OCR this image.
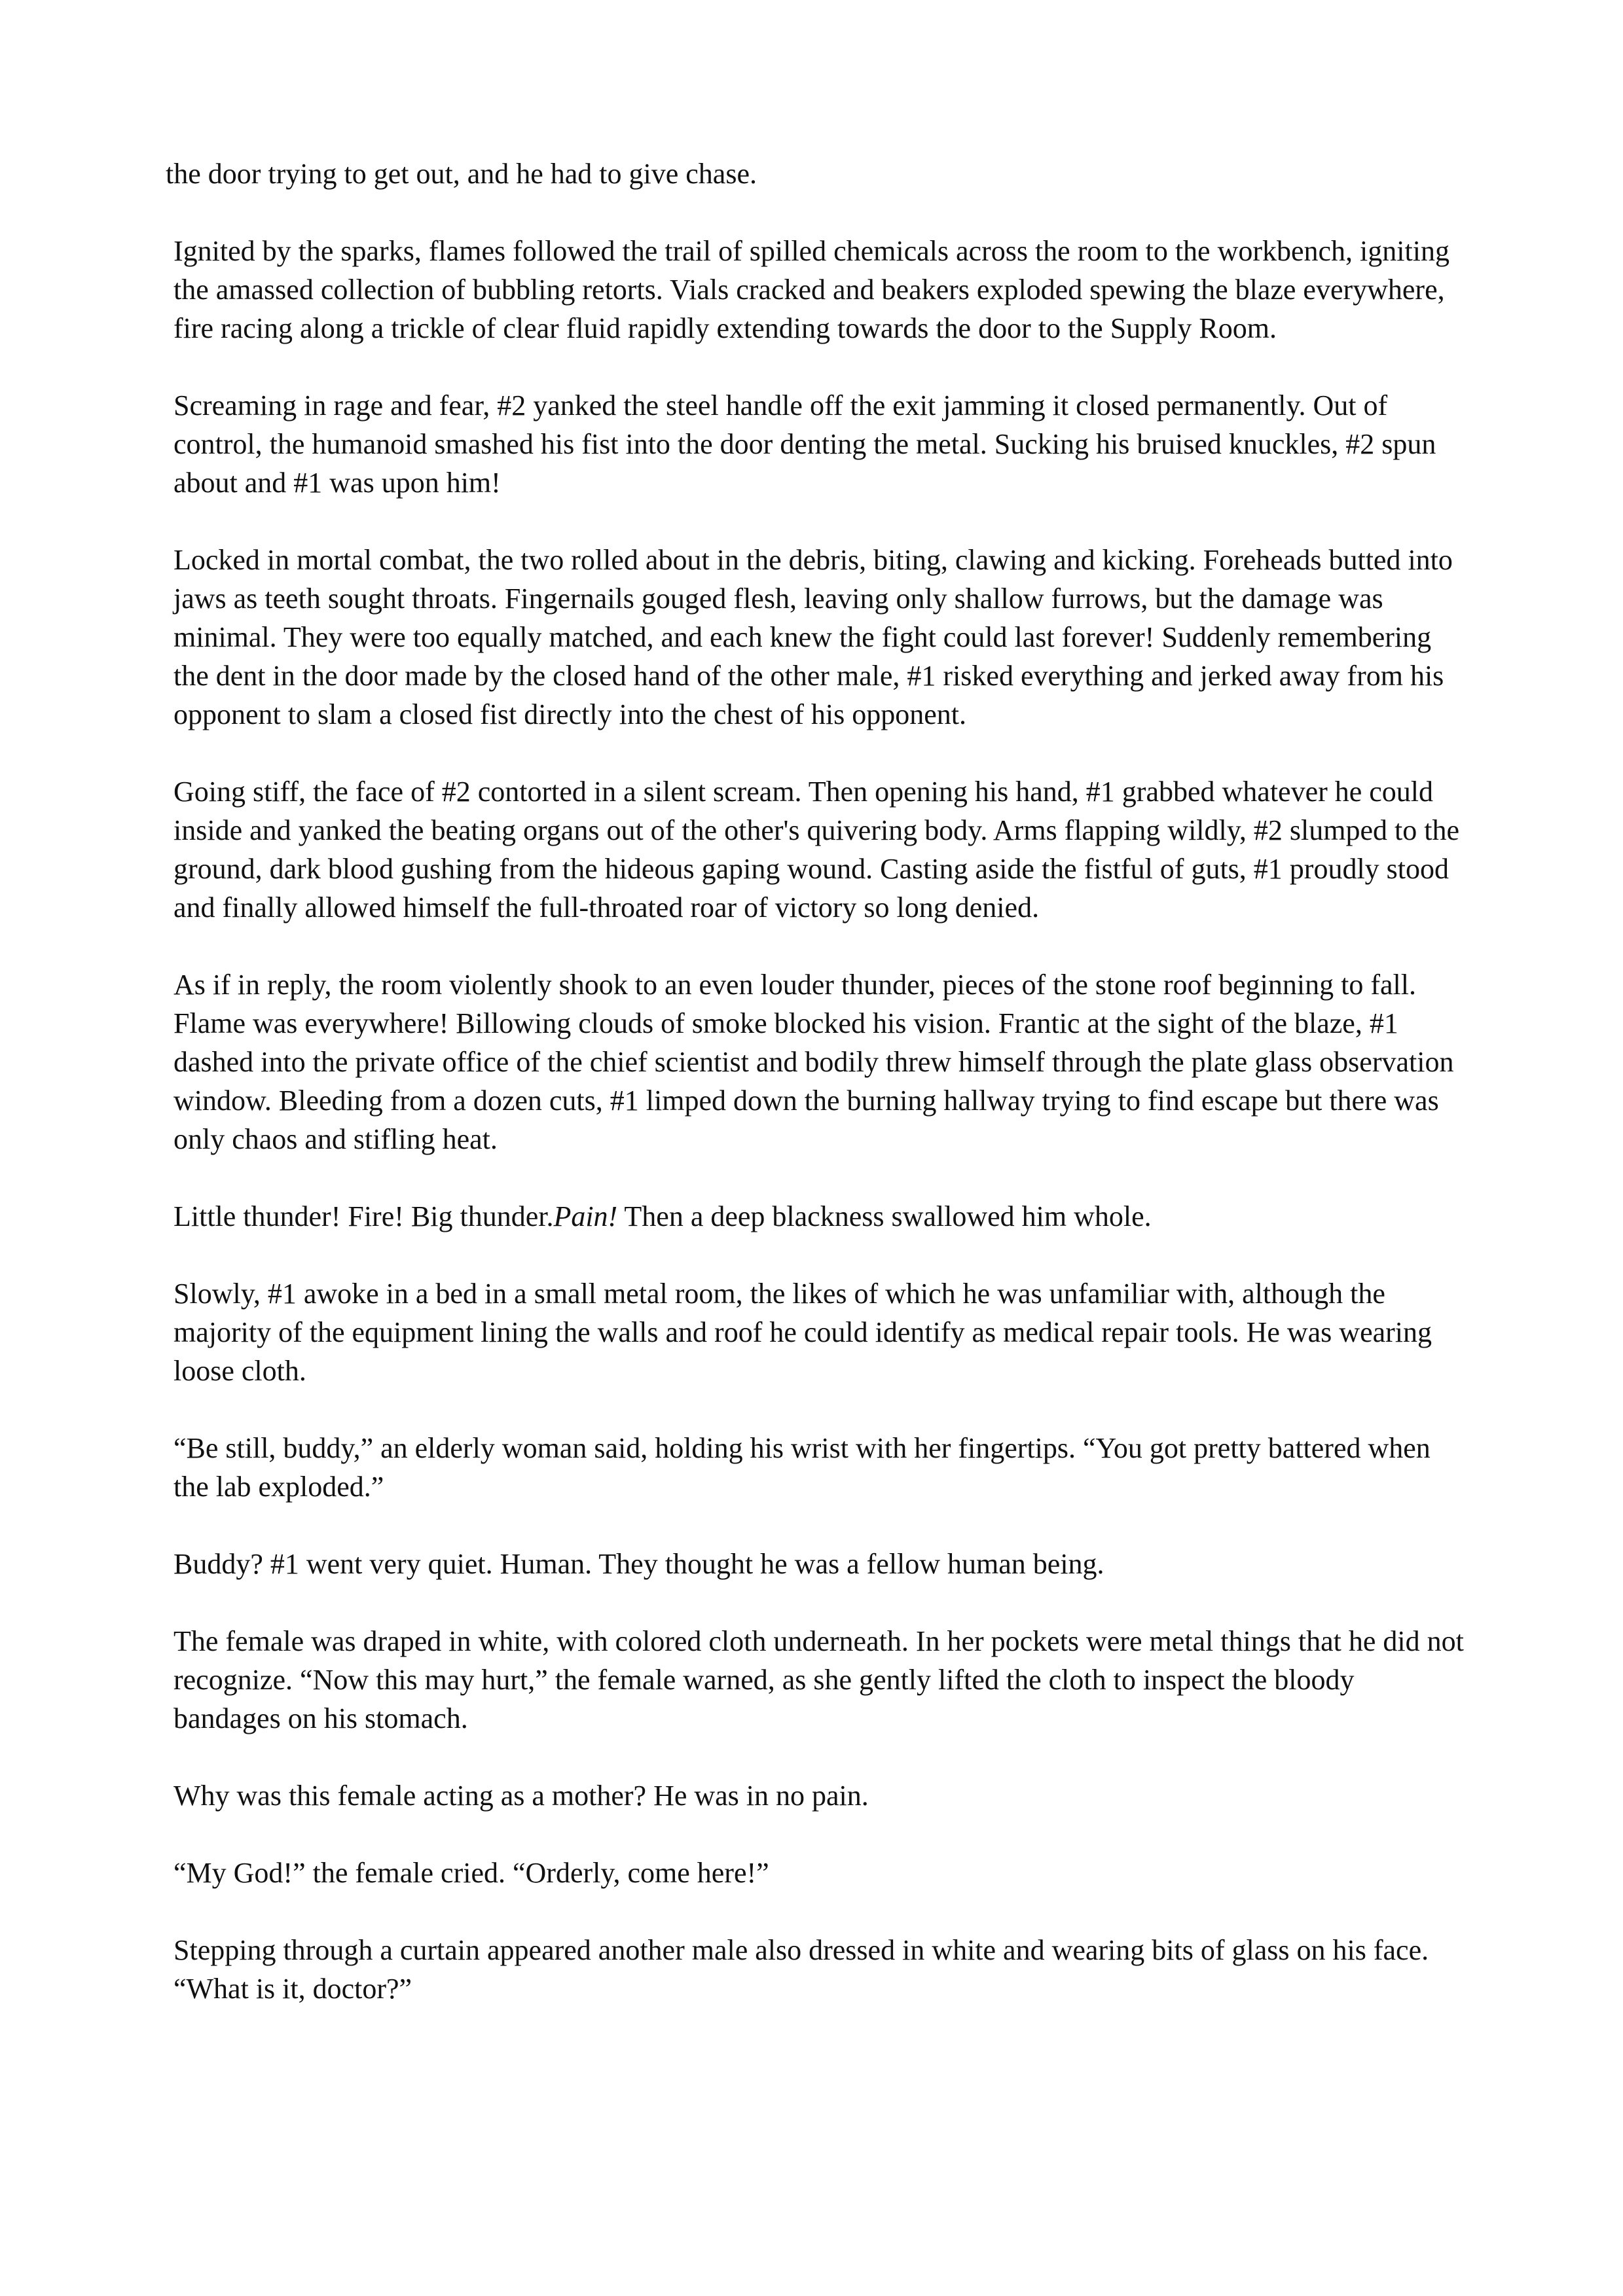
the door trying to get out, and he had to give chase.

Ignited by the sparks, flames followed the trail of spilled chemicals across the room to the workbench, igniting the amassed collection of bubbling retorts. Vials cracked and beakers exploded spewing the blaze everywhere, fire racing along a trickle of clear fluid rapidly extending towards the door to the Supply Room.

Screaming in rage and fear, #2 yanked the steel handle off the exit jamming it closed permanently. Out of control, the humanoid smashed his fist into the door denting the metal. Sucking his bruised knuckles, #2 spun about and #1 was upon him!

Locked in mortal combat, the two rolled about in the debris, biting, clawing and kicking. Foreheads butted into jaws as teeth sought throats. Fingernails gouged flesh, leaving only shallow furrows, but the damage was minimal. They were too equally matched, and each knew the fight could last forever! Suddenly remembering the dent in the door made by the closed hand of the other male, #1 risked everything and jerked away from his opponent to slam a closed fist directly into the chest of his opponent.

Going stiff, the face of #2 contorted in a silent scream. Then opening his hand, #1 grabbed whatever he could inside and yanked the beating organs out of the other's quivering body. Arms flapping wildly, #2 slumped to the ground, dark blood gushing from the hideous gaping wound. Casting aside the fistful of guts, #1 proudly stood and finally allowed himself the full-throated roar of victory so long denied.

As if in reply, the room violently shook to an even louder thunder, pieces of the stone roof beginning to fall. Flame was everywhere! Billowing clouds of smoke blocked his vision. Frantic at the sight of the blaze, #1 dashed into the private office of the chief scientist and bodily threw himself through the plate glass observation window. Bleeding from a dozen cuts, #1 limped down the burning hallway trying to find escape but there was only chaos and stifling heat.

Little thunder! Fire! Big thunder.Pain! Then a deep blackness swallowed him whole.

Slowly, #1 awoke in a bed in a small metal room, the likes of which he was unfamiliar with, although the majority of the equipment lining the walls and roof he could identify as medical repair tools. He was wearing loose cloth.

“Be still, buddy,” an elderly woman said, holding his wrist with her fingertips. “You got pretty battered when the lab exploded.”

Buddy? #1 went very quiet. Human. They thought he was a fellow human being.

The female was draped in white, with colored cloth underneath. In her pockets were metal things that he did not recognize. “Now this may hurt,” the female warned, as she gently lifted the cloth to inspect the bloody bandages on his stomach.

Why was this female acting as a mother? He was in no pain.

“My God!” the female cried. “Orderly, come here!”

Stepping through a curtain appeared another male also dressed in white and wearing bits of glass on his face. “What is it, doctor?”
